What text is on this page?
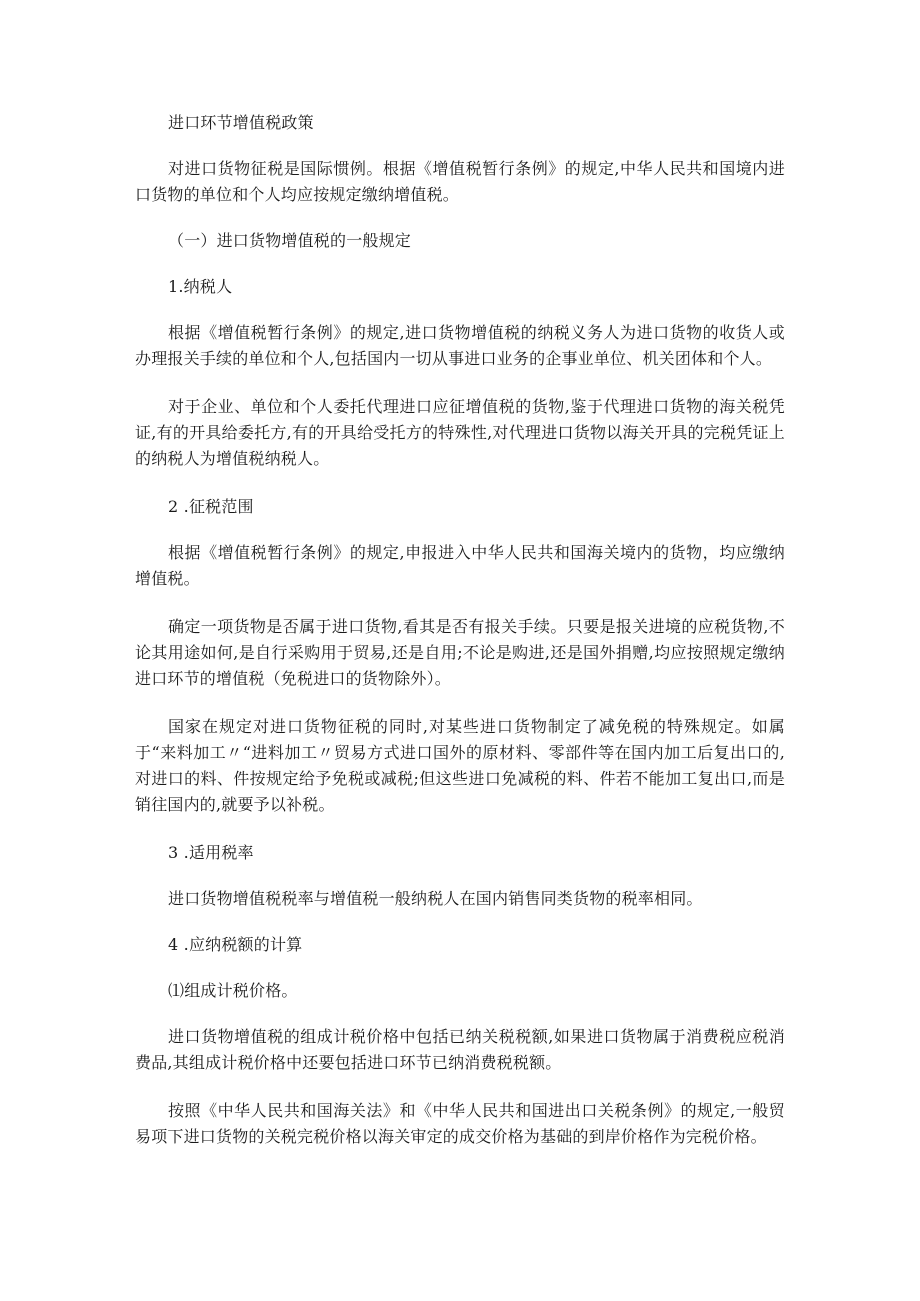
进口环节增值税政策

对进口货物征税是国际惯例。根据《增值税暂行条例》的规定,中华人民共和国境内进口货物的单位和个人均应按规定缴纳增值税。

（一）进口货物增值税的一般规定

1.纳税人

根据《增值税暂行条例》的规定,进口货物增值税的纳税义务人为进口货物的收货人或办理报关手续的单位和个人,包括国内一切从事进口业务的企事业单位、机关团体和个人。

对于企业、单位和个人委托代理进口应征增值税的货物,鉴于代理进口货物的海关税凭证,有的开具给委托方,有的开具给受托方的特殊性,对代理进口货物以海关开具的完税凭证上的纳税人为增值税纳税人。

2 .征税范围

根据《增值税暂行条例》的规定,申报进入中华人民共和国海关境内的货物，均应缴纳增值税。

确定一项货物是否属于进口货物,看其是否有报关手续。只要是报关进境的应税货物,不论其用途如何,是自行采购用于贸易,还是自用;不论是购进,还是国外捐赠,均应按照规定缴纳进口环节的增值税（免税进口的货物除外）。

国家在规定对进口货物征税的同时,对某些进口货物制定了减免税的特殊规定。如属于“来料加工〃“进料加工〃贸易方式进口国外的原材料、零部件等在国内加工后复出口的,对进口的料、件按规定给予免税或减税;但这些进口免减税的料、件若不能加工复出口,而是销往国内的,就要予以补税。

3 .适用税率

进口货物增值税税率与增值税一般纳税人在国内销售同类货物的税率相同。

4 .应纳税额的计算

⑴组成计税价格。

进口货物增值税的组成计税价格中包括已纳关税税额,如果进口货物属于消费税应税消费品,其组成计税价格中还要包括进口环节已纳消费税税额。

按照《中华人民共和国海关法》和《中华人民共和国进出口关税条例》的规定,一般贸易项下进口货物的关税完税价格以海关审定的成交价格为基础的到岸价格作为完税价格。
